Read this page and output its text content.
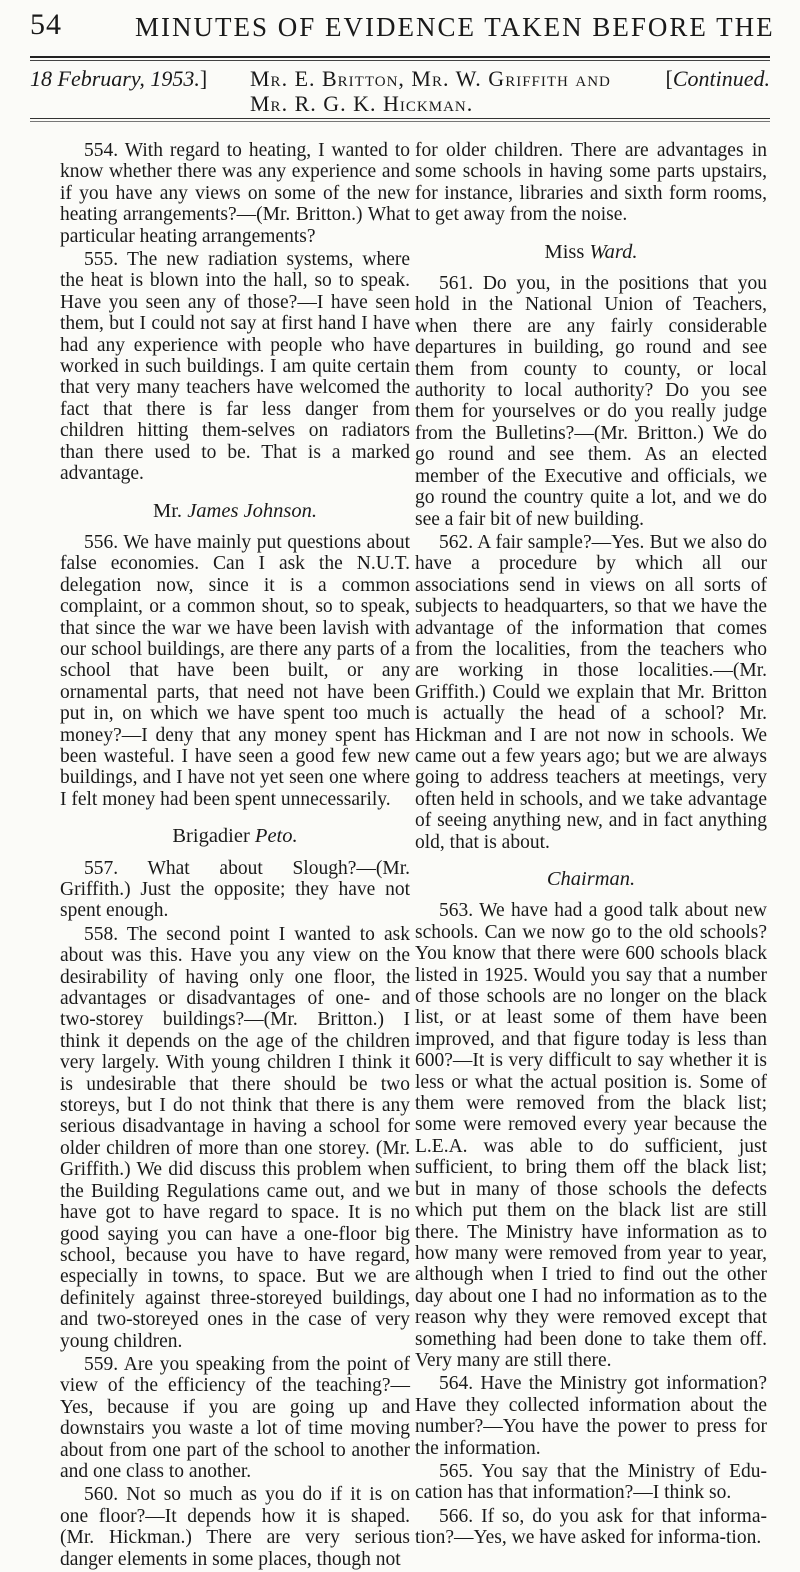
54	MINUTES OF EVIDENCE TAKEN BEFORE THE
18 February, 1953.] Mr. E. Britton, Mr. W. Griffith and
Mr. R. G. K. Hickman.
[Continued.

554. With regard to heating, I wanted to know whether there was any experience and if you have any views on some of the new heating arrangements?—(Mr. Britton.) What particular heating arrangements?

555. The new radiation systems, where the heat is blown into the hall, so to speak. Have you seen any of those?—I have seen them, but I could not say at first hand I have had any experience with people who have worked in such buildings. I am quite certain that very many teachers have welcomed the fact that there is far less danger from children hitting them-selves on radiators than there used to be. That is a marked advantage.

Mr. James Johnson.

556. We have mainly put questions about false economies. Can I ask the N.U.T. delegation now, since it is a common complaint, or a common shout, so to speak, that since the war we have been lavish with our school buildings, are there any parts of a school that have been built, or any ornamental parts, that need not have been put in, on which we have spent too much money?—I deny that any money spent has been wasteful. I have seen a good few new buildings, and I have not yet seen one where I felt money had been spent unnecessarily.

Brigadier Peto.

557. What about Slough?—(Mr. Griffith.) Just the opposite; they have not spent enough.

558. The second point I wanted to ask about was this. Have you any view on the desirability of having only one floor, the advantages or disadvantages of one- and two-storey buildings?—(Mr. Britton.) I think it depends on the age of the children very largely. With young children I think it is undesirable that there should be two storeys, but I do not think that there is any serious disadvantage in having a school for older children of more than one storey. (Mr. Griffith.) We did discuss this problem when the Building Regulations came out, and we have got to have regard to space. It is no good saying you can have a one-floor big school, because you have to have regard, especially in towns, to space. But we are definitely against three-storeyed buildings, and two-storeyed ones in the case of very young children.

559. Are you speaking from the point of view of the efficiency of the teaching?—Yes, because if you are going up and downstairs you waste a lot of time moving about from one part of the school to another and one class to another.

560. Not so much as you do if it is on one floor?—It depends how it is shaped. (Mr. Hickman.) There are very serious danger elements in some places, though not

for older children. There are advantages in some schools in having some parts upstairs, for instance, libraries and sixth form rooms, to get away from the noise.

Miss Ward.

561. Do you, in the positions that you hold in the National Union of Teachers, when there are any fairly considerable departures in building, go round and see them from county to county, or local authority to local authority? Do you see them for yourselves or do you really judge from the Bulletins?—(Mr. Britton.) We do go round and see them. As an elected member of the Executive and officials, we go round the country quite a lot, and we do see a fair bit of new building.

562. A fair sample?—Yes. But we also do have a procedure by which all our associations send in views on all sorts of subjects to headquarters, so that we have the advantage of the information that comes from the localities, from the teachers who are working in those localities.—(Mr. Griffith.) Could we explain that Mr. Britton is actually the head of a school? Mr. Hickman and I are not now in schools. We came out a few years ago; but we are always going to address teachers at meetings, very often held in schools, and we take advantage of seeing anything new, and in fact anything old, that is about.

Chairman.

563. We have had a good talk about new schools. Can we now go to the old schools? You know that there were 600 schools black listed in 1925. Would you say that a number of those schools are no longer on the black list, or at least some of them have been improved, and that figure today is less than 600?—It is very difficult to say whether it is less or what the actual position is. Some of them were removed from the black list; some were removed every year because the L.E.A. was able to do sufficient, just sufficient, to bring them off the black list; but in many of those schools the defects which put them on the black list are still there. The Ministry have information as to how many were removed from year to year, although when I tried to find out the other day about one I had no information as to the reason why they were removed except that something had been done to take them off. Very many are still there.

564. Have the Ministry got information? Have they collected information about the number?—You have the power to press for the information.

565. You say that the Ministry of Edu-cation has that information?—I think so.

566. If so, do you ask for that informa-tion?—Yes, we have asked for informa-tion.
